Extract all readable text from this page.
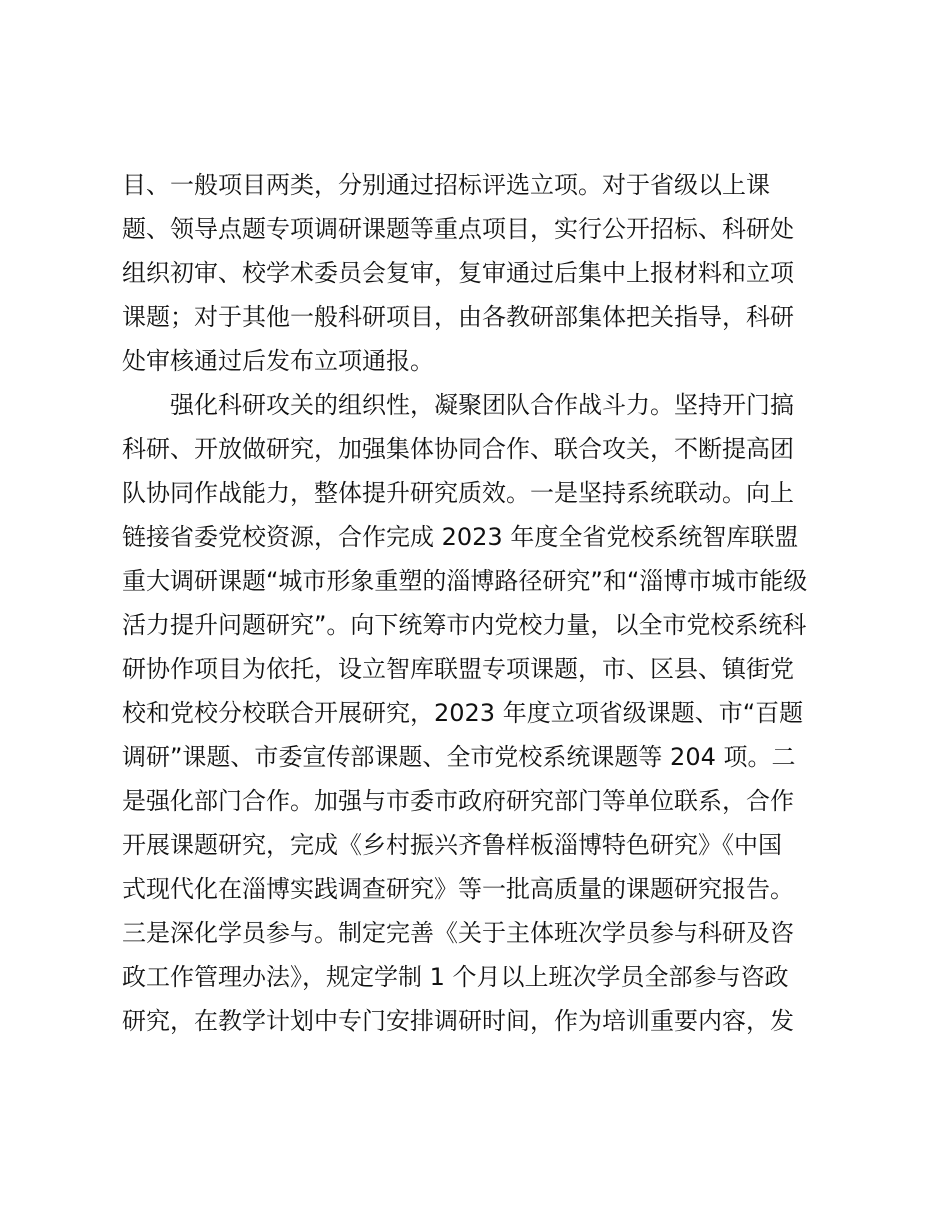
目、一般项目两类，分别通过招标评选立项。对于省级以上课
题、领导点题专项调研课题等重点项目，实行公开招标、科研处
组织初审、校学术委员会复审，复审通过后集中上报材料和立项
课题；对于其他一般科研项目，由各教研部集体把关指导，科研
处审核通过后发布立项通报。
强化科研攻关的组织性，凝聚团队合作战斗力。坚持开门搞
科研、开放做研究，加强集体协同合作、联合攻关，不断提高团
队协同作战能力，整体提升研究质效。一是坚持系统联动。向上
链接省委党校资源，合作完成 2023 年度全省党校系统智库联盟
重大调研课题“城市形象重塑的淄博路径研究”和“淄博市城市能级
活力提升问题研究”。向下统筹市内党校力量，以全市党校系统科
研协作项目为依托，设立智库联盟专项课题，市、区县、镇街党
校和党校分校联合开展研究，2023 年度立项省级课题、市“百题
调研”课题、市委宣传部课题、全市党校系统课题等 204 项。二
是强化部门合作。加强与市委市政府研究部门等单位联系，合作
开展课题研究，完成《乡村振兴齐鲁样板淄博特色研究》《中国
式现代化在淄博实践调查研究》等一批高质量的课题研究报告。
三是深化学员参与。制定完善《关于主体班次学员参与科研及咨
政工作管理办法》，规定学制 1 个月以上班次学员全部参与咨政
研究，在教学计划中专门安排调研时间，作为培训重要内容，发
